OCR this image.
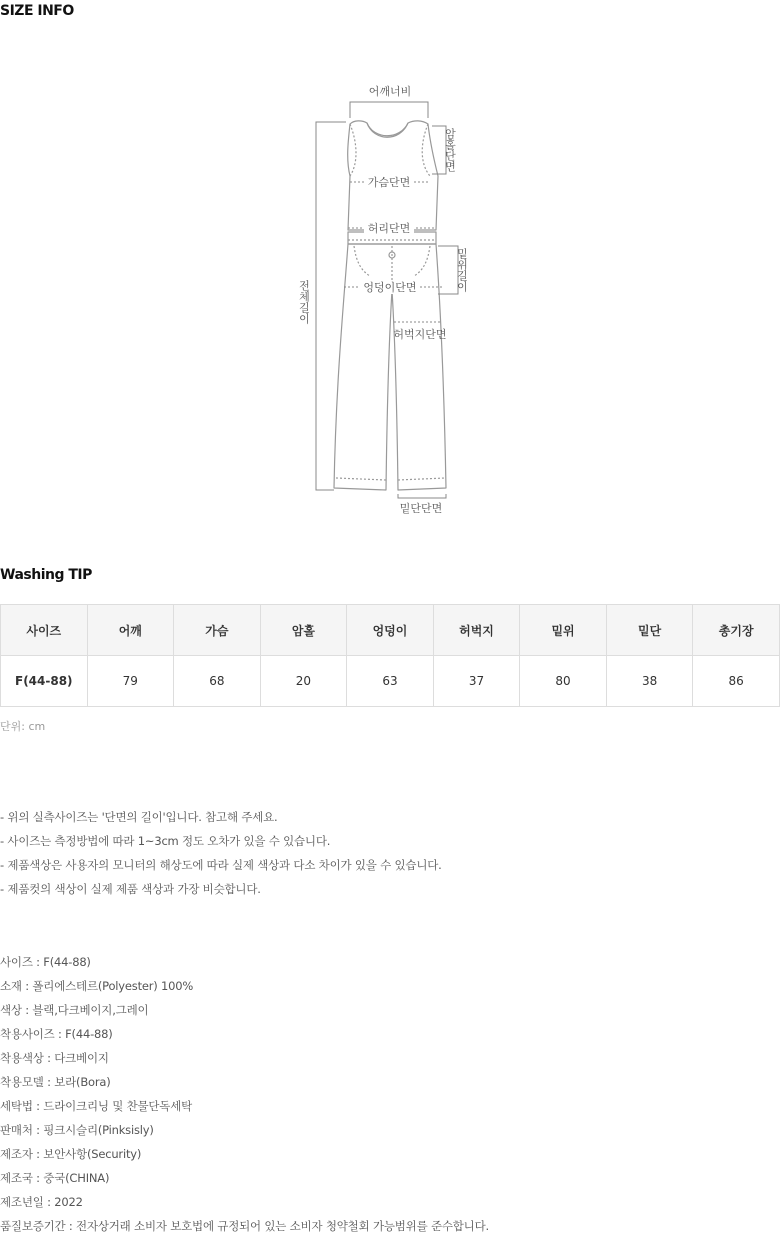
SIZE INFO
어깨너비
암홀단면
가슴단면
허리단면
밑위길이
엉덩이단면
허벅지단면
전체길이
밑단단면
Washing TIP
사이즈	어깨	가슴	암홀	엉덩이	허벅지	밑위	밑단	총기장
F(44-88)	79	68	20	63	37	80	38	86
단위: cm
- 위의 실측사이즈는 '단면의 길이'입니다. 참고해 주세요.
- 사이즈는 측정방법에 따라 1~3cm 정도 오차가 있을 수 있습니다.
- 제품색상은 사용자의 모니터의 해상도에 따라 실제 색상과 다소 차이가 있을 수 있습니다.
- 제품컷의 색상이 실제 제품 색상과 가장 비슷합니다.
사이즈 : F(44-88)
소재 : 폴리에스테르(Polyester) 100%
색상 : 블랙,다크베이지,그레이
착용사이즈 : F(44-88)
착용색상 : 다크베이지
착용모델 : 보라(Bora)
세탁법 : 드라이크리닝 및 찬물단독세탁
판매처 : 핑크시슬리(Pinksisly)
제조자 : 보안사항(Security)
제조국 : 중국(CHINA)
제조년일 : 2022
품질보증기간 : 전자상거래 소비자 보호법에 규정되어 있는 소비자 청약철회 가능범위를 준수합니다.
